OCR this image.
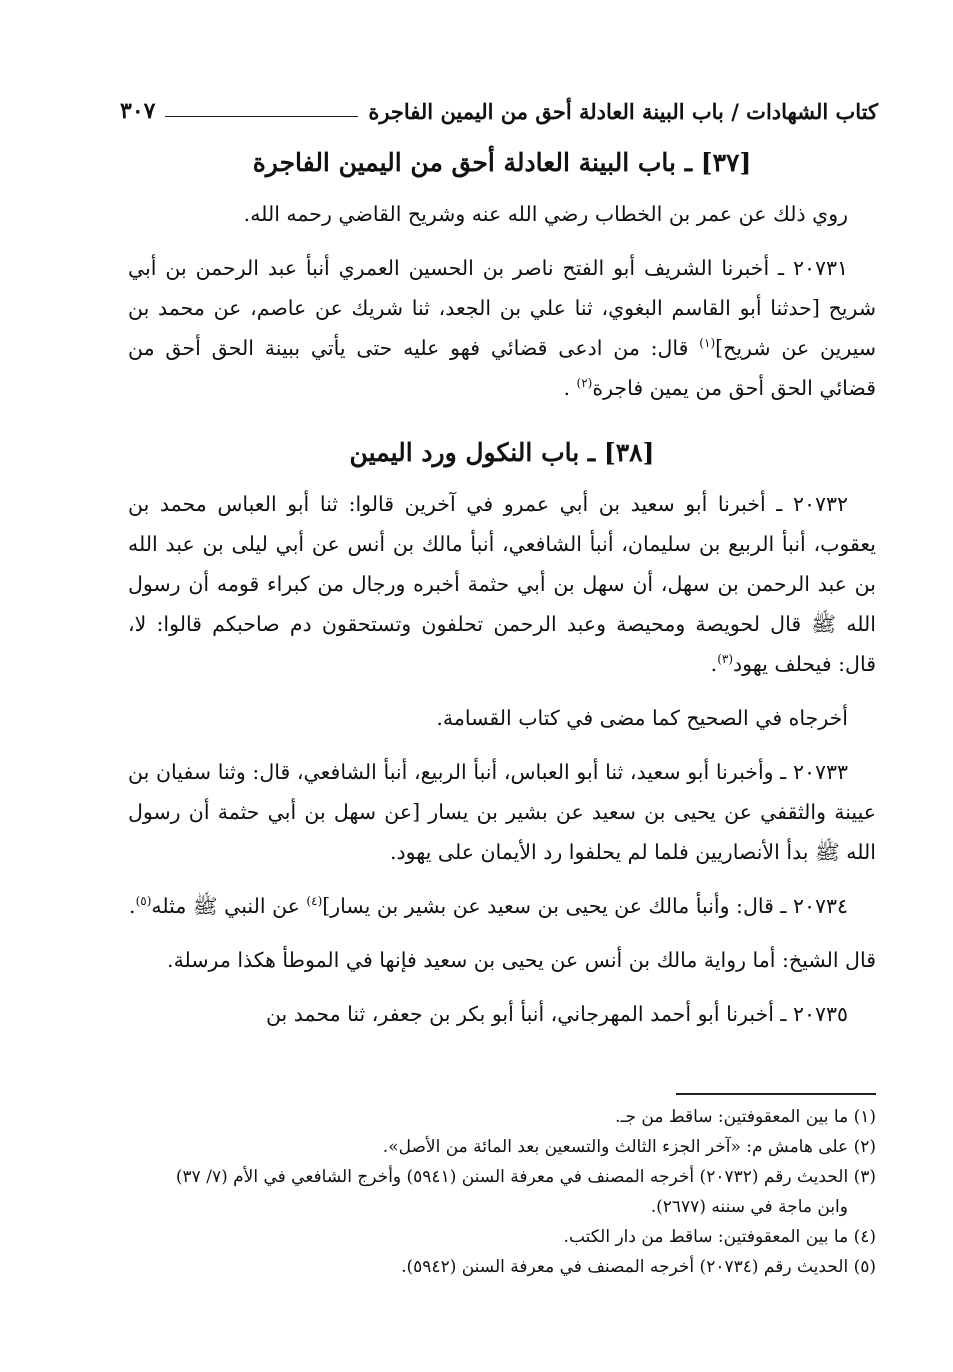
كتاب الشهادات / باب البينة العادلة أحق من اليمين الفاجرة
٣٠٧
[٣٧] ـ باب البينة العادلة أحق من اليمين الفاجرة

روي ذلك عن عمر بن الخطاب رضي الله عنه وشريح القاضي رحمه الله.

٢٠٧٣١ ـ أخبرنا الشريف أبو الفتح ناصر بن الحسين العمري أنبأ عبد الرحمن بن أبي شريح [حدثنا أبو القاسم البغوي، ثنا علي بن الجعد، ثنا شريك عن عاصم، عن محمد بن سيرين عن شريح]$^{(١)}$ قال: من ادعى قضائي فهو عليه حتى يأتي ببينة الحق أحق من قضائي الحق أحق من يمين فاجرة$^{(٢)}$ .

[٣٨] ـ باب النكول ورد اليمين

٢٠٧٣٢ ـ أخبرنا أبو سعيد بن أبي عمرو في آخرين قالوا: ثنا أبو العباس محمد بن يعقوب، أنبأ الربيع بن سليمان، أنبأ الشافعي، أنبأ مالك بن أنس عن أبي ليلى بن عبد الله بن عبد الرحمن بن سهل، أن سهل بن أبي حثمة أخبره ورجال من كبراء قومه أن رسول الله ﷺ قال لحويصة ومحيصة وعبد الرحمن تحلفون وتستحقون دم صاحبكم قالوا: لا، قال: فيحلف يهود$^{(٣)}$.

أخرجاه في الصحيح كما مضى في كتاب القسامة.

٢٠٧٣٣ ـ وأخبرنا أبو سعيد، ثنا أبو العباس، أنبأ الربيع، أنبأ الشافعي، قال: وثنا سفيان بن عيينة والثقفي عن يحيى بن سعيد عن بشير بن يسار [عن سهل بن أبي حثمة أن رسول الله ﷺ بدأ الأنصاريين فلما لم يحلفوا رد الأيمان على يهود.

٢٠٧٣٤ ـ قال: وأنبأ مالك عن يحيى بن سعيد عن بشير بن يسار]$^{(٤)}$ عن النبي ﷺ مثله$^{(٥)}$.

قال الشيخ: أما رواية مالك بن أنس عن يحيى بن سعيد فإنها في الموطأ هكذا مرسلة.

٢٠٧٣٥ ـ أخبرنا أبو أحمد المهرجاني، أنبأ أبو بكر بن جعفر، ثنا محمد بن

(١) ما بين المعقوفتين: ساقط من جـ.

(٢) على هامش م: «آخر الجزء الثالث والتسعين بعد المائة من الأصل».

(٣) الحديث رقم (٢٠٧٣٢) أخرجه المصنف في معرفة السنن (٥٩٤١) وأخرج الشافعي في الأم (٧/ ٣٧)
وابن ماجة في سننه (٢٦٧٧).

(٤) ما بين المعقوفتين: ساقط من دار الكتب.

(٥) الحديث رقم (٢٠٧٣٤) أخرجه المصنف في معرفة السنن (٥٩٤٢).
